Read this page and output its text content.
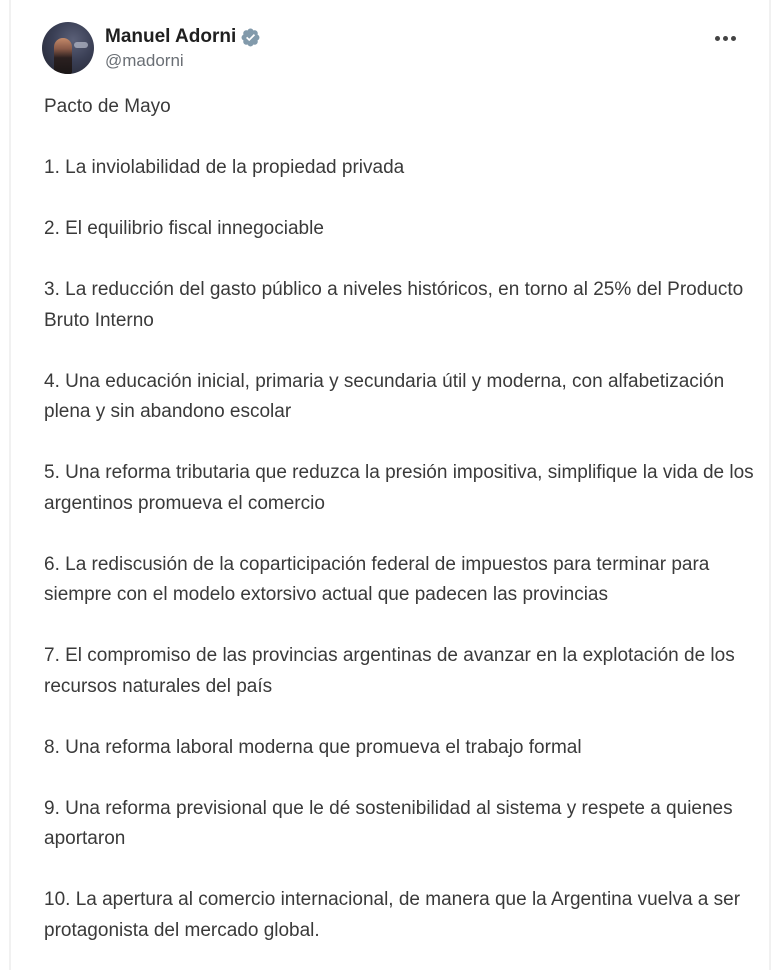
Manuel Adorni
@madorni

Pacto de Mayo

1. La inviolabilidad de la propiedad privada

2. El equilibrio fiscal innegociable

3. La reducción del gasto público a niveles históricos, en torno al 25% del Producto Bruto Interno

4. Una educación inicial, primaria y secundaria útil y moderna, con alfabetización plena y sin abandono escolar

5. Una reforma tributaria que reduzca la presión impositiva, simplifique la vida de los argentinos promueva el comercio

6. La rediscusión de la coparticipación federal de impuestos para terminar para siempre con el modelo extorsivo actual que padecen las provincias

7. El compromiso de las provincias argentinas de avanzar en la explotación de los recursos naturales del país

8. Una reforma laboral moderna que promueva el trabajo formal

9. Una reforma previsional que le dé sostenibilidad al sistema y respete a quienes aportaron

10. La apertura al comercio internacional, de manera que la Argentina vuelva a ser protagonista del mercado global.
